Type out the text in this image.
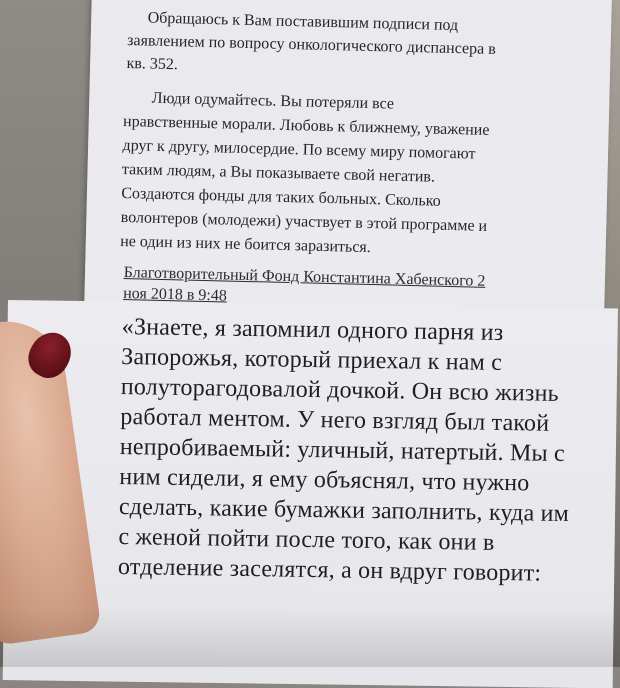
Обращаюсь к Вам поставившим подписи под
заявлением по вопросу онкологического диспансера в
кв. 352.
Люди одумайтесь. Вы потеряли все
нравственные морали. Любовь к ближнему, уважение
друг к другу, милосердие. По всему миру помогают
таким людям, а Вы показываете свой негатив.
Создаются фонды для таких больных. Сколько
волонтеров (молодежи) участвует в этой программе и
не один из них не боится заразиться.
Благотворительный Фонд Константина Хабенского 2
ноя 2018 в 9:48
«Знаете, я запомнил одного парня из
Запорожья, который приехал к нам с
полуторагодовалой дочкой. Он всю жизнь
работал ментом. У него взгляд был такой
непробиваемый: уличный, натертый. Мы с
ним сидели, я ему объяснял, что нужно
сделать, какие бумажки заполнить, куда им
с женой пойти после того, как они в
отделение заселятся, а он вдруг говорит:
